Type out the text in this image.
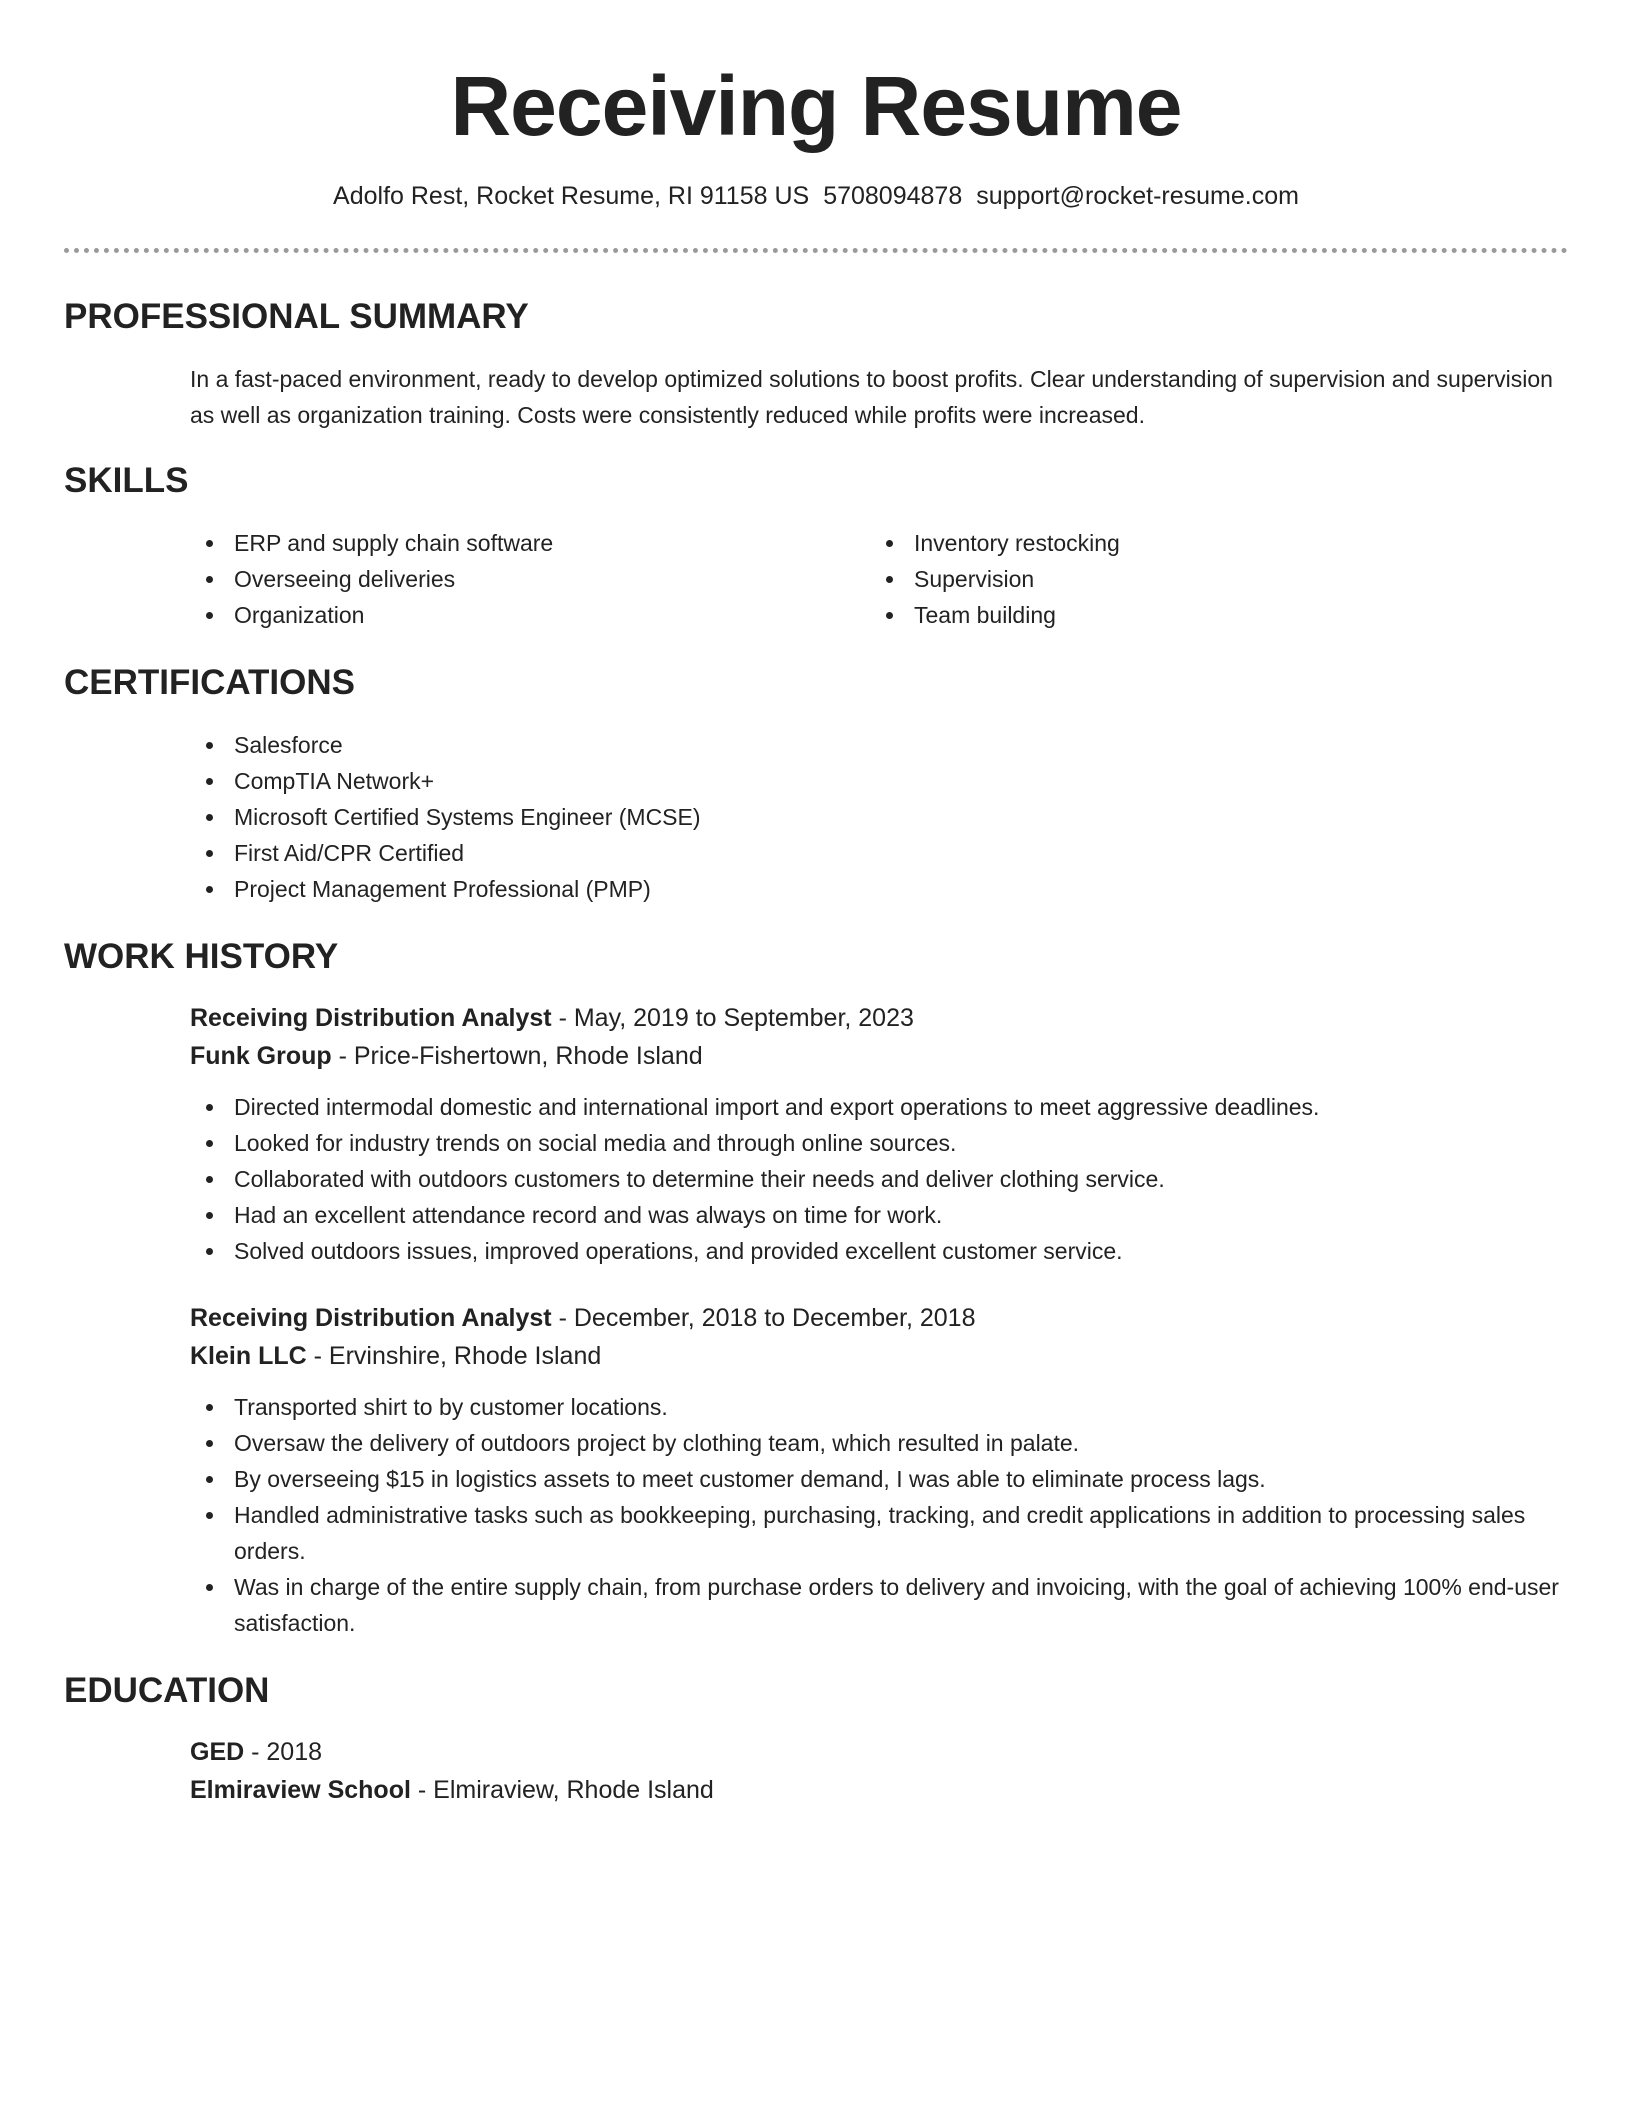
Receiving Resume
Adolfo Rest, Rocket Resume, RI 91158 US 5708094878 support@rocket-resume.com
PROFESSIONAL SUMMARY

In a fast-paced environment, ready to develop optimized solutions to boost profits. Clear understanding of supervision and supervision as well as organization training. Costs were consistently reduced while profits were increased.

SKILLS
ERP and supply chain software
Overseeing deliveries
Organization
Inventory restocking
Supervision
Team building
CERTIFICATIONS
Salesforce
CompTIA Network+
Microsoft Certified Systems Engineer (MCSE)
First Aid/CPR Certified
Project Management Professional (PMP)
WORK HISTORY
Receiving Distribution Analyst - May, 2019 to September, 2023
Funk Group - Price-Fishertown, Rhode Island
Directed intermodal domestic and international import and export operations to meet aggressive deadlines.
Looked for industry trends on social media and through online sources.
Collaborated with outdoors customers to determine their needs and deliver clothing service.
Had an excellent attendance record and was always on time for work.
Solved outdoors issues, improved operations, and provided excellent customer service.
Receiving Distribution Analyst - December, 2018 to December, 2018
Klein LLC - Ervinshire, Rhode Island
Transported shirt to by customer locations.
Oversaw the delivery of outdoors project by clothing team, which resulted in palate.
By overseeing $15 in logistics assets to meet customer demand, I was able to eliminate process lags.
Handled administrative tasks such as bookkeeping, purchasing, tracking, and credit applications in addition to processing sales orders.
Was in charge of the entire supply chain, from purchase orders to delivery and invoicing, with the goal of achieving 100% end-user satisfaction.
EDUCATION
GED - 2018
Elmiraview School - Elmiraview, Rhode Island
